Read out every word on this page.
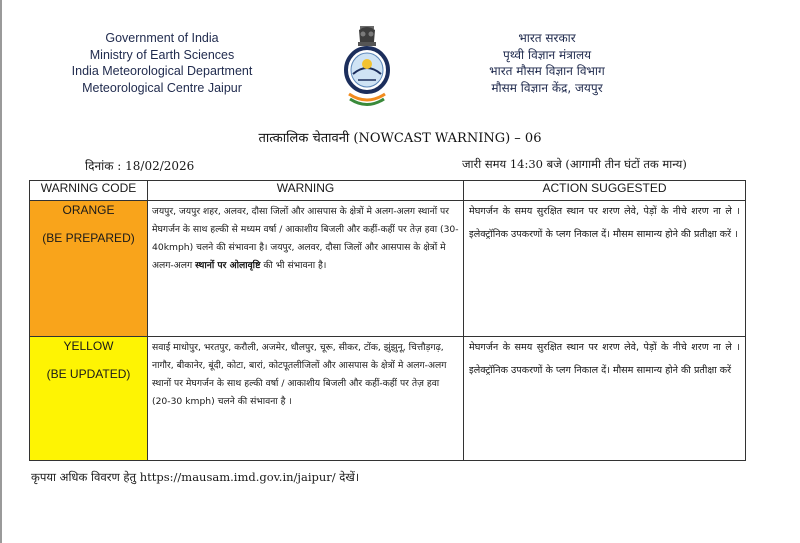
Government of India
Ministry of Earth Sciences
India Meteorological Department
Meteorological Centre Jaipur
भारत सरकार
पृथ्वी विज्ञान मंत्रालय
भारत मौसम विज्ञान विभाग
मौसम विज्ञान केंद्र, जयपुर
तात्कालिक चेतावनी (NOWCAST WARNING) – 06
दिनांक : 18/02/2026	जारी समय 14:30 बजे (आगामी तीन घंटों तक मान्य)
WARNING CODE	WARNING	ACTION SUGGESTED

ORANGE
(BE PREPARED)	जयपुर, जयपुर शहर, अलवर, दौसा जिलों और आसपास के क्षेत्रों मे अलग-अलग स्थानों पर मेघगर्जन के साथ हल्की से मध्यम वर्षा / आकाशीय बिजली और कहीं-कहीं पर तेज़ हवा (30-40kmph) चलने की संभावना है। जयपुर, अलवर, दौसा जिलों और आसपास के क्षेत्रों मे अलग-अलग स्थानों पर ओलावृष्टि की भी संभावना है।	मेघगर्जन के समय सुरक्षित स्थान पर शरण लेवे, पेड़ों के नीचे शरण ना ले । इलेक्ट्रॉनिक उपकरणों के प्लग निकाल दें। मौसम सामान्य होने की प्रतीक्षा करें ।

YELLOW
(BE UPDATED)	सवाई माधोपुर, भरतपुर, करौली, अजमेर, धौलपुर, चूरू, सीकर, टोंक, झुंझुनू, चित्तौड़गढ़, नागौर, बीकानेर, बूंदी, कोटा, बारां, कोटपूतलीजिलों और आसपास के क्षेत्रों मे अलग-अलग स्थानों पर मेघगर्जन के साथ हल्की वर्षा / आकाशीय बिजली और कहीं-कहीं पर तेज़ हवा (20-30 kmph) चलने की संभावना है ।	मेघगर्जन के समय सुरक्षित स्थान पर शरण लेवे, पेड़ों के नीचे शरण ना ले । इलेक्ट्रॉनिक उपकरणों के प्लग निकाल दें। मौसम सामान्य होने की प्रतीक्षा करें
कृपया अधिक विवरण हेतु https://mausam.imd.gov.in/jaipur/ देखें।
